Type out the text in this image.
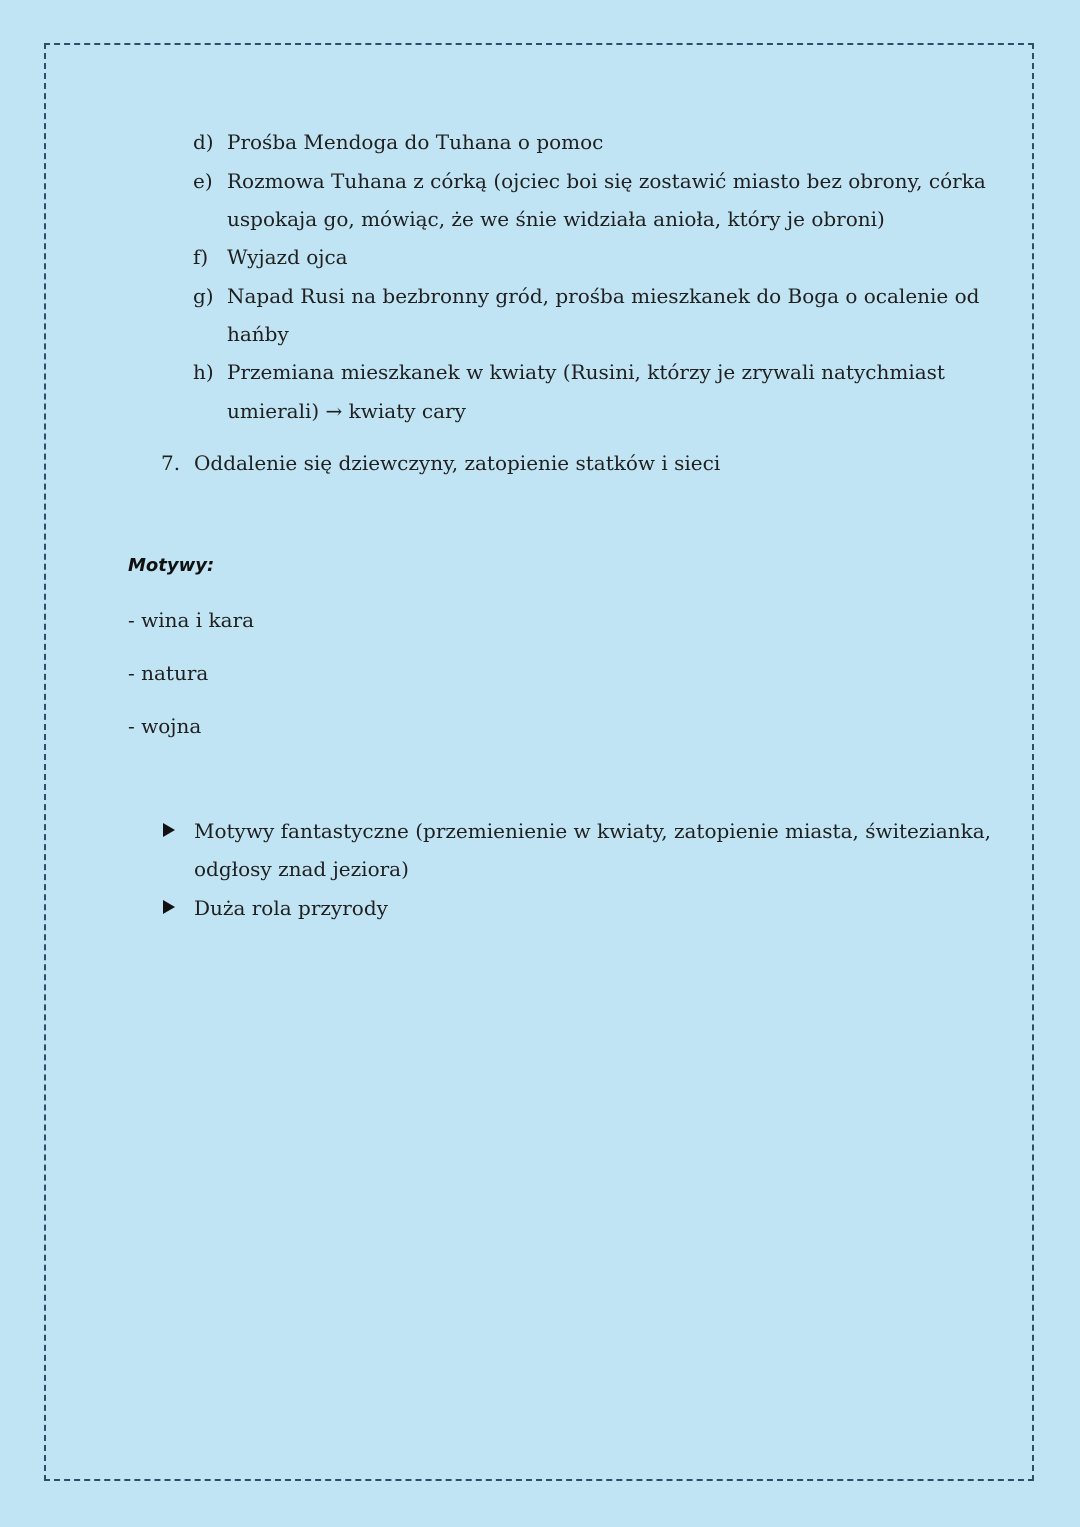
d) Prośba Mendoga do Tuhana o pomoc
e) Rozmowa Tuhana z córką (ojciec boi się zostawić miasto bez obrony, córka
uspokaja go, mówiąc, że we śnie widziała anioła, który je obroni)
f) Wyjazd ojca
g) Napad Rusi na bezbronny gród, prośba mieszkanek do Boga o ocalenie od
hańby
h) Przemiana mieszkanek w kwiaty (Rusini, którzy je zrywali natychmiast
umierali) → kwiaty cary
7. Oddalenie się dziewczyny, zatopienie statków i sieci
Motywy:
- wina i kara
- natura
- wojna
Motywy fantastyczne (przemienienie w kwiaty, zatopienie miasta, świtezianka,
odgłosy znad jeziora)
Duża rola przyrody
